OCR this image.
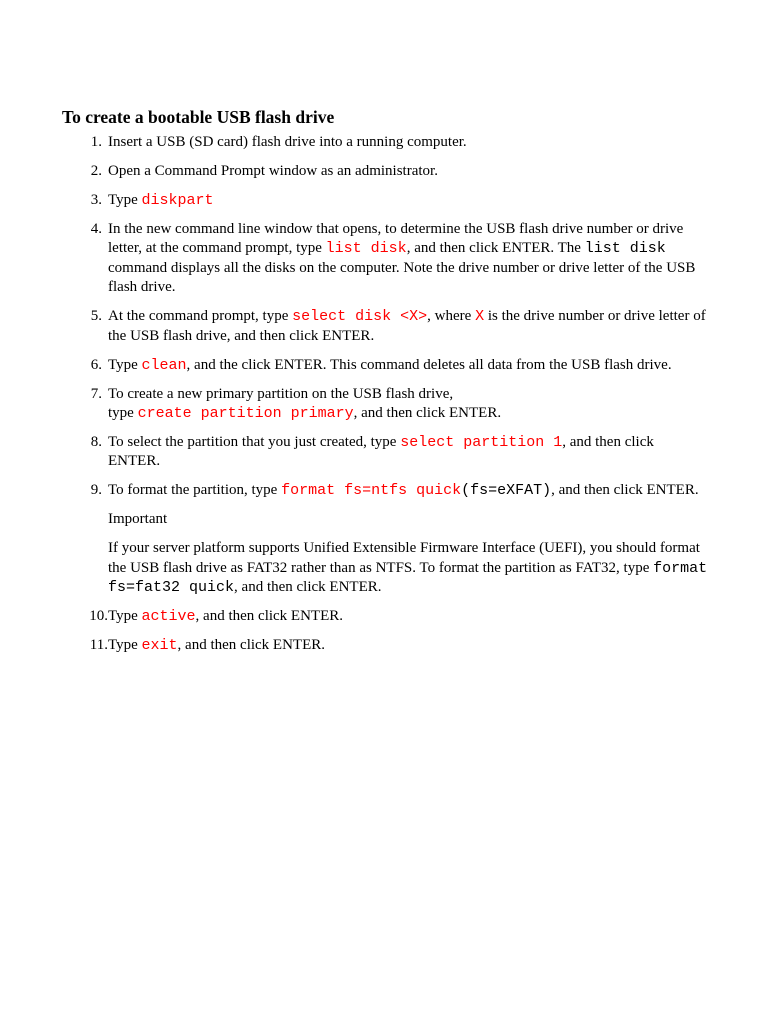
To create a bootable USB flash drive
1. Insert a USB (SD card) flash drive into a running computer.
2. Open a Command Prompt window as an administrator.
3. Type diskpart
4. In the new command line window that opens, to determine the USB flash drive number or drive letter, at the command prompt, type list disk, and then click ENTER. The list disk command displays all the disks on the computer. Note the drive number or drive letter of the USB flash drive.
5. At the command prompt, type select disk <X>, where X is the drive number or drive letter of the USB flash drive, and then click ENTER.
6. Type clean, and the click ENTER. This command deletes all data from the USB flash drive.
7. To create a new primary partition on the USB flash drive,
type create partition primary, and then click ENTER.
8. To select the partition that you just created, type select partition 1, and then click ENTER.
9. To format the partition, type format fs=ntfs quick(fs=eXFAT), and then click ENTER.
Important
If your server platform supports Unified Extensible Firmware Interface (UEFI), you should format the USB flash drive as FAT32 rather than as NTFS. To format the partition as FAT32, type format fs=fat32 quick, and then click ENTER.
10. Type active, and then click ENTER.
11. Type exit, and then click ENTER.
